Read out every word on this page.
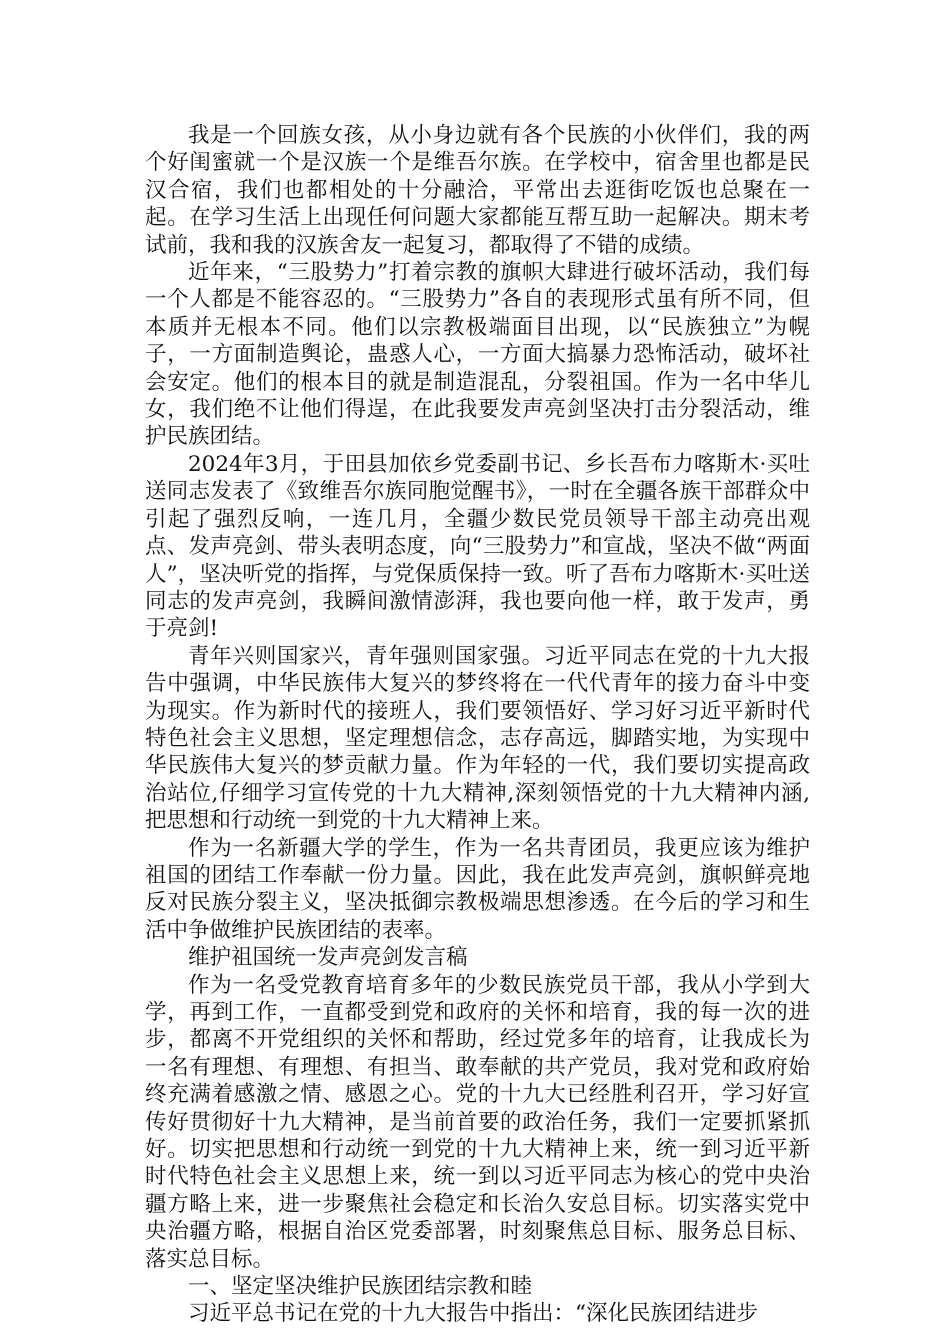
我是一个回族女孩，从小身边就有各个民族的小伙伴们，我的两个好闺蜜就一个是汉族一个是维吾尔族。在学校中，宿舍里也都是民汉合宿，我们也都相处的十分融洽，平常出去逛街吃饭也总聚在一起。在学习生活上出现任何问题大家都能互帮互助一起解决。期末考试前，我和我的汉族舍友一起复习，都取得了不错的成绩。

近年来，“三股势力”打着宗教的旗帜大肆进行破坏活动，我们每一个人都是不能容忍的。“三股势力”各自的表现形式虽有所不同，但本质并无根本不同。他们以宗教极端面目出现，以“民族独立”为幌子，一方面制造舆论，蛊惑人心，一方面大搞暴力恐怖活动，破坏社会安定。他们的根本目的就是制造混乱，分裂祖国。作为一名中华儿女，我们绝不让他们得逞，在此我要发声亮剑坚决打击分裂活动，维护民族团结。

2024年3月，于田县加依乡党委副书记、乡长吾布力喀斯木·买吐送同志发表了《致维吾尔族同胞觉醒书》，一时在全疆各族干部群众中引起了强烈反响，一连几月，全疆少数民党员领导干部主动亮出观点、发声亮剑、带头表明态度，向“三股势力”和宣战，坚决不做“两面人”，坚决听党的指挥，与党保质保持一致。听了吾布力喀斯木·买吐送同志的发声亮剑，我瞬间激情澎湃，我也要向他一样，敢于发声，勇于亮剑!

青年兴则国家兴，青年强则国家强。习近平同志在党的十九大报告中强调，中华民族伟大复兴的梦终将在一代代青年的接力奋斗中变为现实。作为新时代的接班人，我们要领悟好、学习好习近平新时代特色社会主义思想，坚定理想信念，志存高远，脚踏实地，为实现中华民族伟大复兴的梦贡献力量。作为年轻的一代，我们要切实提高政治站位,仔细学习宣传党的十九大精神,深刻领悟党的十九大精神内涵,把思想和行动统一到党的十九大精神上来。

作为一名新疆大学的学生，作为一名共青团员，我更应该为维护祖国的团结工作奉献一份力量。因此，我在此发声亮剑，旗帜鲜亮地反对民族分裂主义，坚决抵御宗教极端思想渗透。在今后的学习和生活中争做维护民族团结的表率。

维护祖国统一发声亮剑发言稿

作为一名受党教育培育多年的少数民族党员干部，我从小学到大学，再到工作，一直都受到党和政府的关怀和培育，我的每一次的进步，都离不开党组织的关怀和帮助，经过党多年的培育，让我成长为一名有理想、有理想、有担当、敢奉献的共产党员，我对党和政府始终充满着感激之情、感恩之心。党的十九大已经胜利召开，学习好宣传好贯彻好十九大精神，是当前首要的政治任务，我们一定要抓紧抓好。切实把思想和行动统一到党的十九大精神上来，统一到习近平新时代特色社会主义思想上来，统一到以习近平同志为核心的党中央治疆方略上来，进一步聚焦社会稳定和长治久安总目标。切实落实党中央治疆方略，根据自治区党委部署，时刻聚焦总目标、服务总目标、落实总目标。

一、坚定坚决维护民族团结宗教和睦

习近平总书记在党的十九大报告中指出：“深化民族团结进步
